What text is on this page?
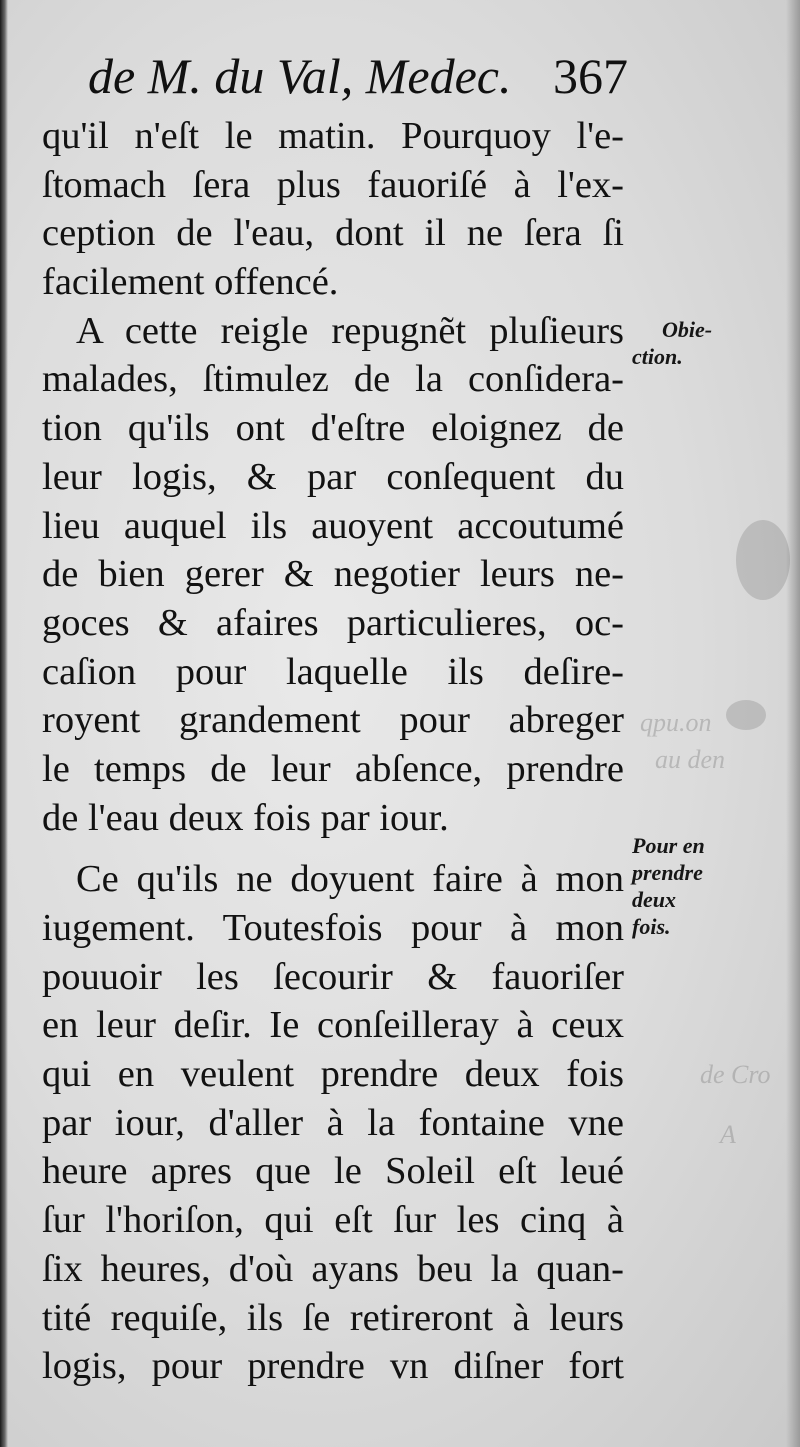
qpu.on
au den
de Cro
A
de M. du Val, Medec. 367
qu'il n'eſt le matin. Pourquoy l'e-
ſtomach ſera plus fauoriſé à l'ex-
ception de l'eau, dont il ne ſera ſi
facilement offencé.
A cette reigle repugnẽt pluſieurs
malades, ſtimulez de la conſidera-
tion qu'ils ont d'eſtre eloignez de
leur logis, & par conſequent du
lieu auquel ils auoyent accoutumé
de bien gerer & negotier leurs ne-
goces & afaires particulieres, oc-
caſion pour laquelle ils deſire-
royent grandement pour abreger
le temps de leur abſence, prendre
de l'eau deux fois par iour.
Ce qu'ils ne doyuent faire à mon
iugement. Toutesfois pour à mon
pouuoir les ſecourir & fauoriſer
en leur deſir. Ie conſeilleray à ceux
qui en veulent prendre deux fois
par iour, d'aller à la fontaine vne
heure apres que le Soleil eſt leué
ſur l'horiſon, qui eſt ſur les cinq à
ſix heures, d'où ayans beu la quan-
tité requiſe, ils ſe retireront à leurs
logis, pour prendre vn diſner fort
Obie-
ction.
Pour en
prendre
deux
fois.
